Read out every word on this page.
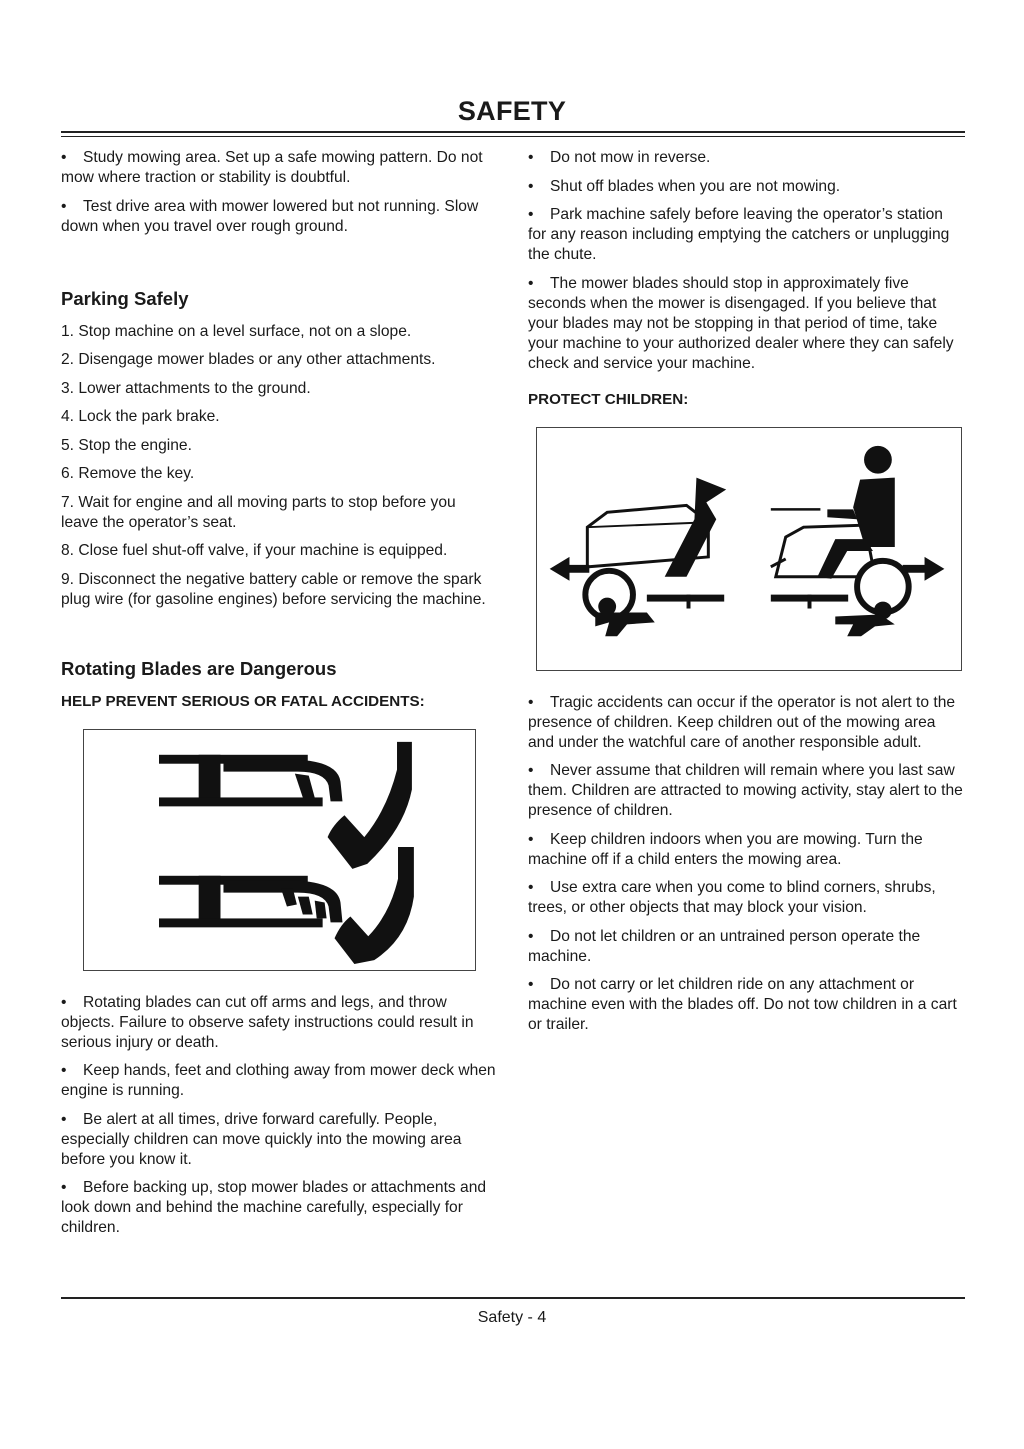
SAFETY

• Study mowing area. Set up a safe mowing pattern. Do not mow where traction or stability is doubtful.

• Test drive area with mower lowered but not running. Slow down when you travel over rough ground.

Parking Safely

1. Stop machine on a level surface, not on a slope.

2. Disengage mower blades or any other attachments.

3. Lower attachments to the ground.

4. Lock the park brake.

5. Stop the engine.

6. Remove the key.

7. Wait for engine and all moving parts to stop before you leave the operator’s seat.

8. Close fuel shut-off valve, if your machine is equipped.

9. Disconnect the negative battery cable or remove the spark plug wire (for gasoline engines) before servicing the machine.

Rotating Blades are Dangerous

HELP PREVENT SERIOUS OR FATAL ACCIDENTS:

• Rotating blades can cut off arms and legs, and throw objects. Failure to observe safety instructions could result in serious injury or death.

• Keep hands, feet and clothing away from mower deck when engine is running.

• Be alert at all times, drive forward carefully. People, especially children can move quickly into the mowing area before you know it.

• Before backing up, stop mower blades or attachments and look down and behind the machine carefully, especially for children.

• Do not mow in reverse.

• Shut off blades when you are not mowing.

• Park machine safely before leaving the operator’s station for any reason including emptying the catchers or unplugging the chute.

• The mower blades should stop in approximately five seconds when the mower is disengaged. If you believe that your blades may not be stopping in that period of time, take your machine to your authorized dealer where they can safely check and service your machine.

PROTECT CHILDREN:

• Tragic accidents can occur if the operator is not alert to the presence of children. Keep children out of the mowing area and under the watchful care of another responsible adult.

• Never assume that children will remain where you last saw them. Children are attracted to mowing activity, stay alert to the presence of children.

• Keep children indoors when you are mowing. Turn the machine off if a child enters the mowing area.

• Use extra care when you come to blind corners, shrubs, trees, or other objects that may block your vision.

• Do not let children or an untrained person operate the machine.

• Do not carry or let children ride on any attachment or machine even with the blades off. Do not tow children in a cart or trailer.

Safety - 4
